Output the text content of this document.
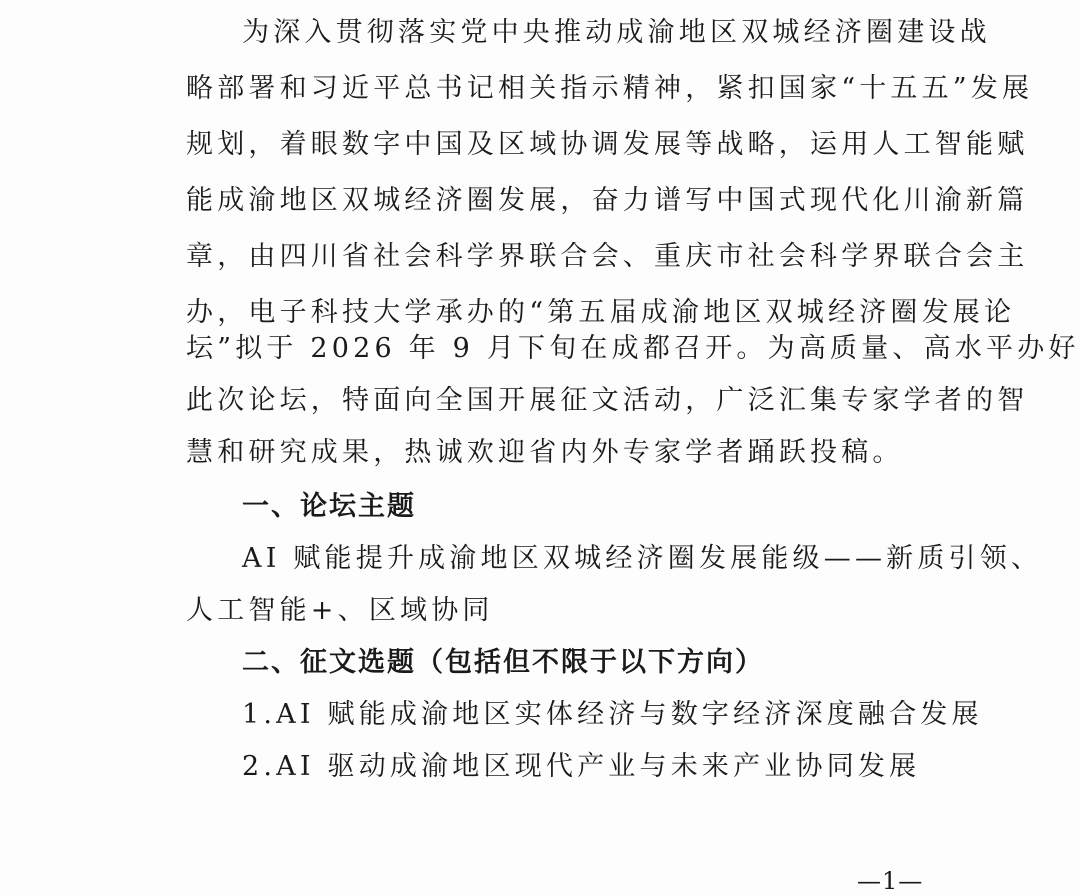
为深入贯彻落实党中央推动成渝地区双城经济圈建设战
略部署和习近平总书记相关指示精神，紧扣国家“十五五”发展
规划，着眼数字中国及区域协调发展等战略，运用人工智能赋
能成渝地区双城经济圈发展，奋力谱写中国式现代化川渝新篇
章，由四川省社会科学界联合会、重庆市社会科学界联合会主
办，电子科技大学承办的“第五届成渝地区双城经济圈发展论
坛”拟于 2026 年 9 月下旬在成都召开。为高质量、高水平办好
此次论坛，特面向全国开展征文活动，广泛汇集专家学者的智
慧和研究成果，热诚欢迎省内外专家学者踊跃投稿。
一、论坛主题
AI 赋能提升成渝地区双城经济圈发展能级——新质引领、
人工智能+、区域协同
二、征文选题（包括但不限于以下方向）
1.AI 赋能成渝地区实体经济与数字经济深度融合发展
2.AI 驱动成渝地区现代产业与未来产业协同发展
—1—
